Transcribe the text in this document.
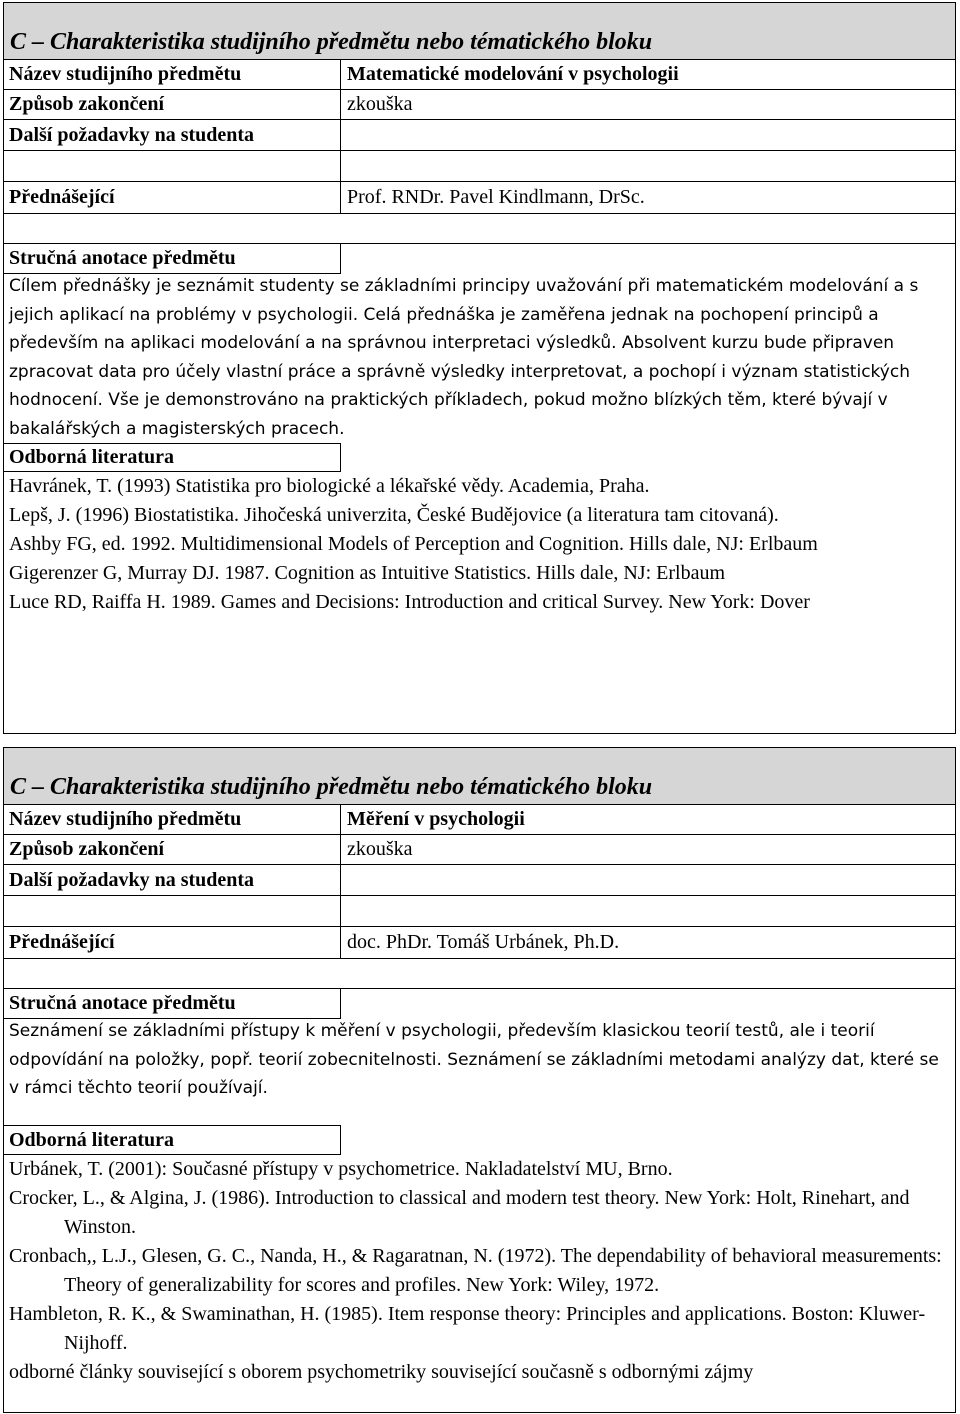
C – Charakteristika studijního předmětu nebo tématického bloku
Název studijního předmětu	Matematické modelování v psychologii
Způsob zakončení	zkouška
Další požadavky na studenta
Přednášející	Prof. RNDr. Pavel Kindlmann, DrSc.
Stručná anotace předmětu
Cílem přednášky je seznámit studenty se základními principy uvažování při matematickém modelování a s jejich aplikací na problémy v psychologii. Celá přednáška je zaměřena jednak na pochopení principů a především na aplikaci modelování a na správnou interpretaci výsledků. Absolvent kurzu bude připraven zpracovat data pro účely vlastní práce a správně výsledky interpretovat, a pochopí i význam statistických hodnocení. Vše je demonstrováno na praktických příkladech, pokud možno blízkých těm, které bývají v bakalářských a magisterských pracech.
Odborná literatura

Havránek, T. (1993) Statistika pro biologické a lékařské vědy. Academia, Praha.

Lepš, J. (1996) Biostatistika. Jihočeská univerzita, České Budějovice (a literatura tam citovaná).

Ashby FG, ed. 1992. Multidimensional Models of Perception and Cognition. Hills dale, NJ: Erlbaum

Gigerenzer G, Murray DJ. 1987. Cognition as Intuitive Statistics. Hills dale, NJ: Erlbaum

Luce RD, Raiffa H. 1989. Games and Decisions: Introduction and critical Survey. New York: Dover

C – Charakteristika studijního předmětu nebo tématického bloku
Název studijního předmětu	Měření v psychologii
Způsob zakončení	zkouška
Další požadavky na studenta
Přednášející	doc. PhDr. Tomáš Urbánek, Ph.D.
Stručná anotace předmětu
Seznámení se základními přístupy k měření v psychologii, především klasickou teorií testů, ale i teorií odpovídání na položky, popř. teorií zobecnitelnosti. Seznámení se základními metodami analýzy dat, které se v rámci těchto teorií používají.
Odborná literatura

Urbánek, T. (2001): Současné přístupy v psychometrice. Nakladatelství MU, Brno.

Crocker, L., & Algina, J. (1986). Introduction to classical and modern test theory. New York: Holt, Rinehart, and Winston.

Cronbach,, L.J., Glesen, G. C., Nanda, H., & Ragaratnan, N. (1972). The dependability of behavioral measurements: Theory of generalizability for scores and profiles. New York: Wiley, 1972.

Hambleton, R. K., & Swaminathan, H. (1985). Item response theory: Principles and applications. Boston: Kluwer-Nijhoff.

odborné články související s oborem psychometriky související současně s odbornými zájmy
